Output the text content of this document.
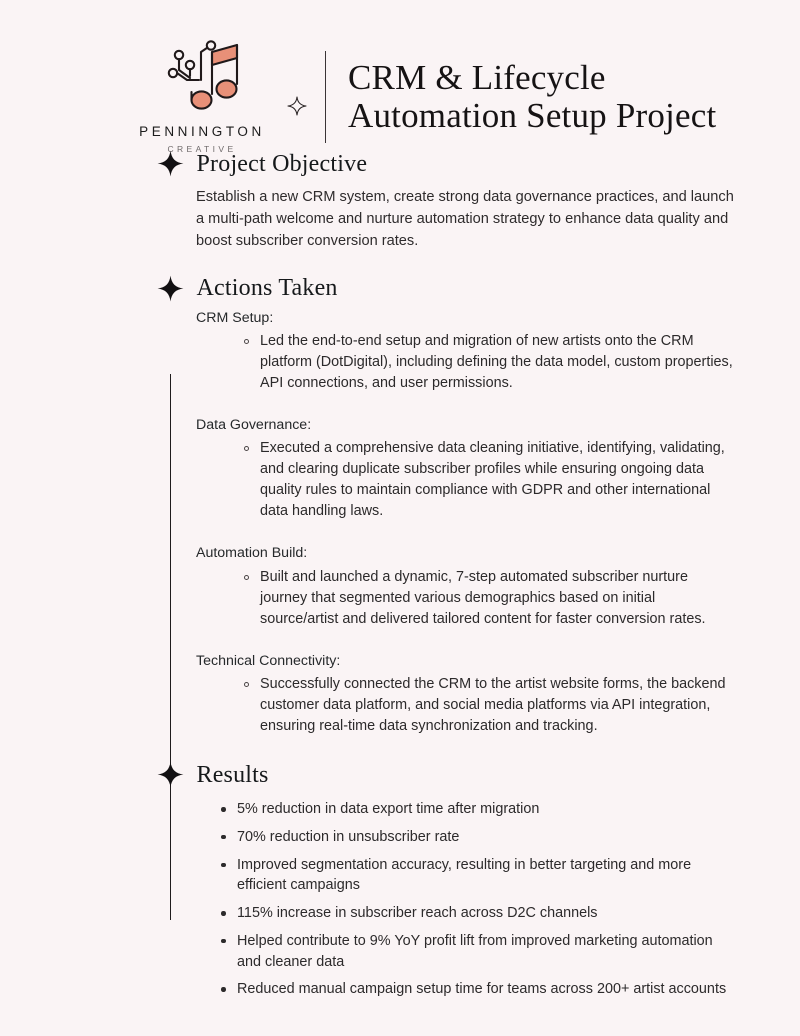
PENNINGTON
CREATIVE
CRM & Lifecycle Automation Setup Project
Project Objective

Establish a new CRM system, create strong data governance practices, and launch a multi-path welcome and nurture automation strategy to enhance data quality and boost subscriber conversion rates.

Actions Taken
CRM Setup:
Led the end-to-end setup and migration of new artists onto the CRM platform (DotDigital), including defining the data model, custom properties, API connections, and user permissions.
Data Governance:
Executed a comprehensive data cleaning initiative, identifying, validating, and clearing duplicate subscriber profiles while ensuring ongoing data quality rules to maintain compliance with GDPR and other international data handling laws.
Automation Build:
Built and launched a dynamic, 7-step automated subscriber nurture journey that segmented various demographics based on initial source/artist and delivered tailored content for faster conversion rates.
Technical Connectivity:
Successfully connected the CRM to the artist website forms, the backend customer data platform, and social media platforms via API integration, ensuring real-time data synchronization and tracking.
Results
5% reduction in data export time after migration
70% reduction in unsubscriber rate
Improved segmentation accuracy, resulting in better targeting and more efficient campaigns
115% increase in subscriber reach across D2C channels
Helped contribute to 9% YoY profit lift from improved marketing automation and cleaner data
Reduced manual campaign setup time for teams across 200+ artist accounts
